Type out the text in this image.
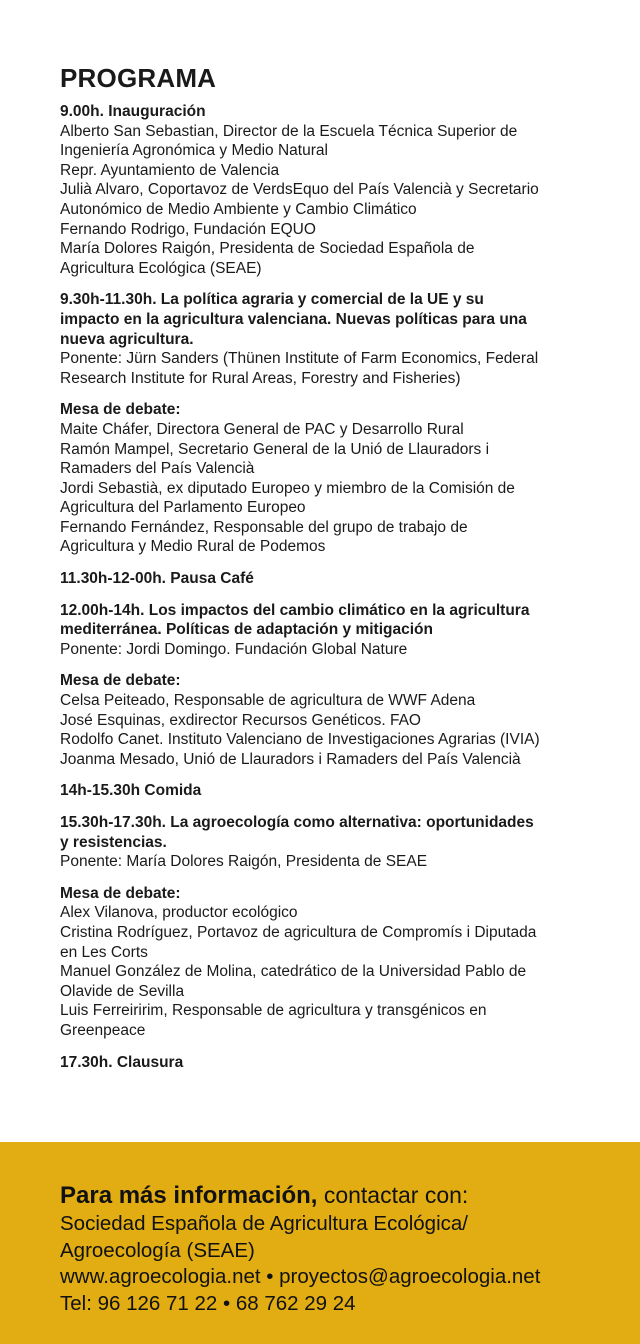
PROGRAMA
9.00h. Inauguración
Alberto San Sebastian, Director de la Escuela Técnica Superior de
Ingeniería Agronómica y Medio Natural
Repr. Ayuntamiento de Valencia
Julià Alvaro, Coportavoz de VerdsEquo del País Valencià y Secretario
Autonómico de Medio Ambiente y Cambio Climático
Fernando Rodrigo, Fundación EQUO
María Dolores Raigón, Presidenta de Sociedad Española de
Agricultura Ecológica (SEAE)
9.30h-11.30h. La política agraria y comercial de la UE y su
impacto en la agricultura valenciana. Nuevas políticas para una
nueva agricultura.
Ponente: Jürn Sanders (Thünen Institute of Farm Economics, Federal
Research Institute for Rural Areas, Forestry and Fisheries)
Mesa de debate:
Maite Cháfer, Directora General de PAC y Desarrollo Rural
Ramón Mampel, Secretario General de la Unió de Llauradors i
Ramaders del País Valencià
Jordi Sebastià, ex diputado Europeo y miembro de la Comisión de
Agricultura del Parlamento Europeo
Fernando Fernández, Responsable del grupo de trabajo de
Agricultura y Medio Rural de Podemos
11.30h-12-00h. Pausa Café
12.00h-14h. Los impactos del cambio climático en la agricultura
mediterránea. Políticas de adaptación y mitigación
Ponente: Jordi Domingo. Fundación Global Nature
Mesa de debate:
Celsa Peiteado, Responsable de agricultura de WWF Adena
José Esquinas, exdirector Recursos Genéticos. FAO
Rodolfo Canet. Instituto Valenciano de Investigaciones Agrarias (IVIA)
Joanma Mesado, Unió de Llauradors i Ramaders del País Valencià
14h-15.30h Comida
15.30h-17.30h. La agroecología como alternativa: oportunidades
y resistencias.
Ponente: María Dolores Raigón, Presidenta de SEAE
Mesa de debate:
Alex Vilanova, productor ecológico
Cristina Rodríguez, Portavoz de agricultura de Compromís i Diputada
en Les Corts
Manuel González de Molina, catedrático de la Universidad Pablo de
Olavide de Sevilla
Luis Ferreiririm, Responsable de agricultura y transgénicos en
Greenpeace
17.30h. Clausura
Para más información, contactar con:
Sociedad Española de Agricultura Ecológica/
Agroecología (SEAE)
www.agroecologia.net • proyectos@agroecologia.net
Tel: 96 126 71 22 • 68 762 29 24
